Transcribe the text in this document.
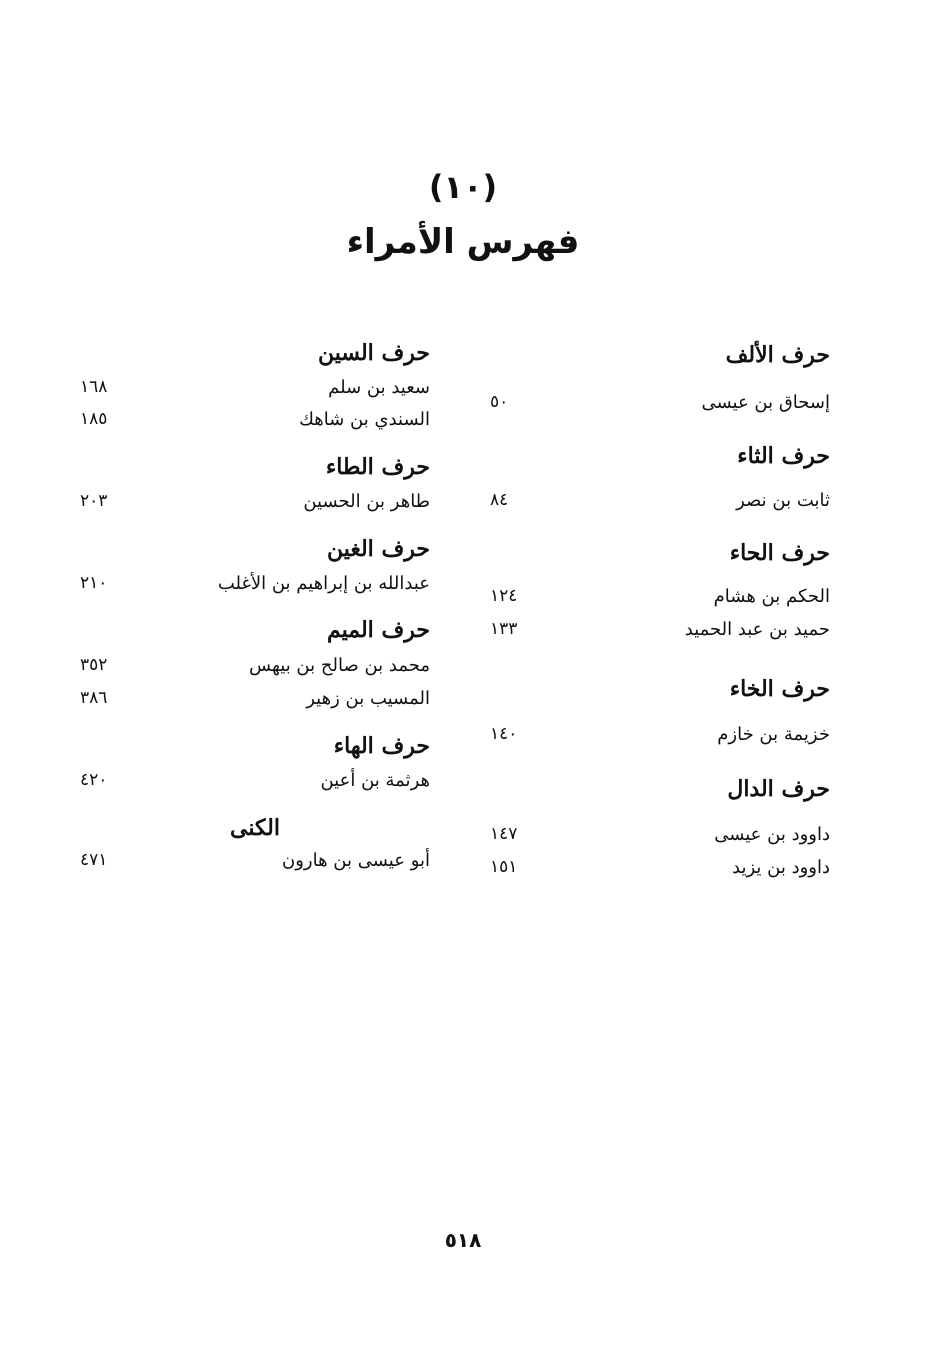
(١٠)
فهرس الأمراء
حرف الألف
إسحاق بن عيسى
٥٠
حرف الثاء
ثابت بن نصر
٨٤
حرف الحاء
الحكم بن هشام
١٢٤
حميد بن عبد الحميد
١٣٣
حرف الخاء
خزيمة بن خازم
١٤٠
حرف الدال
داوود بن عيسى
١٤٧
داوود بن يزيد
١٥١
حرف السين
سعيد بن سلم
١٦٨
السندي بن شاهك
١٨٥
حرف الطاء
طاهر بن الحسين
٢٠٣
حرف الغين
عبدالله بن إبراهيم بن الأغلب
٢١٠
حرف الميم
محمد بن صالح بن بيهس
٣٥٢
المسيب بن زهير
٣٨٦
حرف الهاء
هرثمة بن أعين
٤٢٠
الكنى
أبو عيسى بن هارون
٤٧١
٥١٨
